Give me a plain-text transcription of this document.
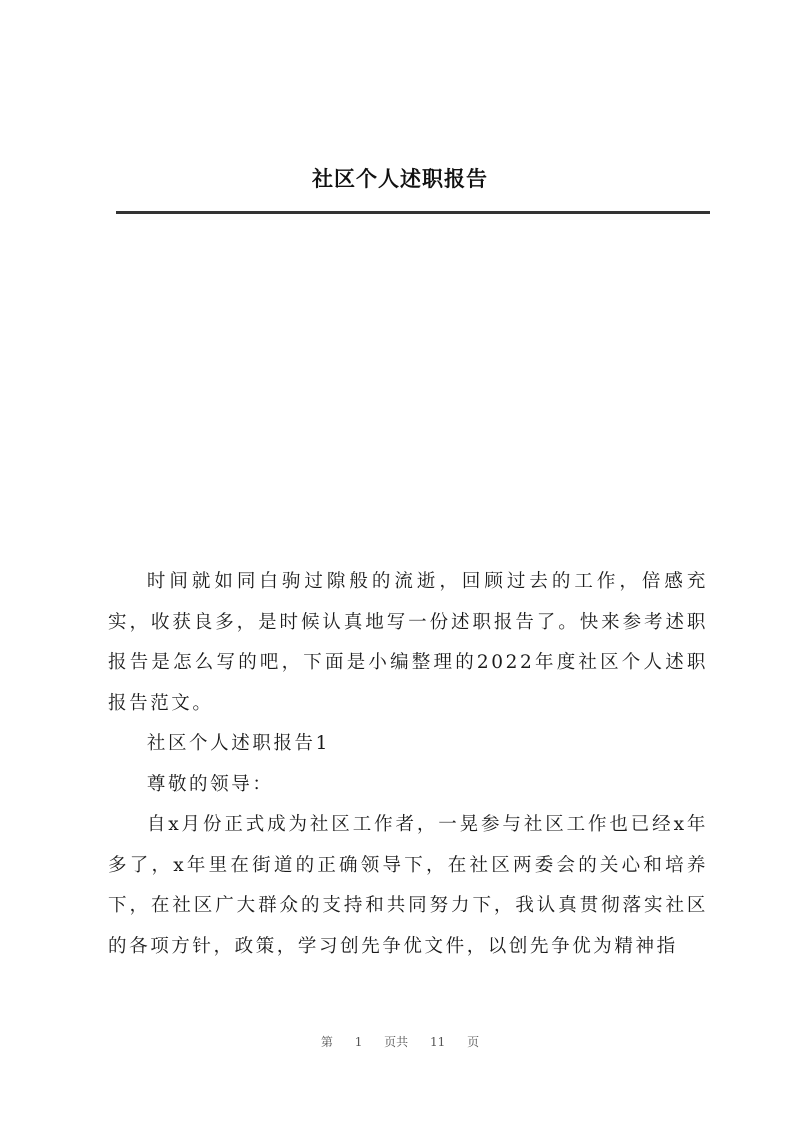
社区个人述职报告

时间就如同白驹过隙般的流逝，回顾过去的工作，倍感充实，收获良多，是时候认真地写一份述职报告了。快来参考述职报告是怎么写的吧，下面是小编整理的2022年度社区个人述职报告范文。

社区个人述职报告1

尊敬的领导：

自x月份正式成为社区工作者，一晃参与社区工作也已经x年多了，x年里在街道的正确领导下，在社区两委会的关心和培养下，在社区广大群众的支持和共同努力下，我认真贯彻落实社区的各项方针，政策，学习创先争优文件，以创先争优为精神指

第 1 页共 11 页
